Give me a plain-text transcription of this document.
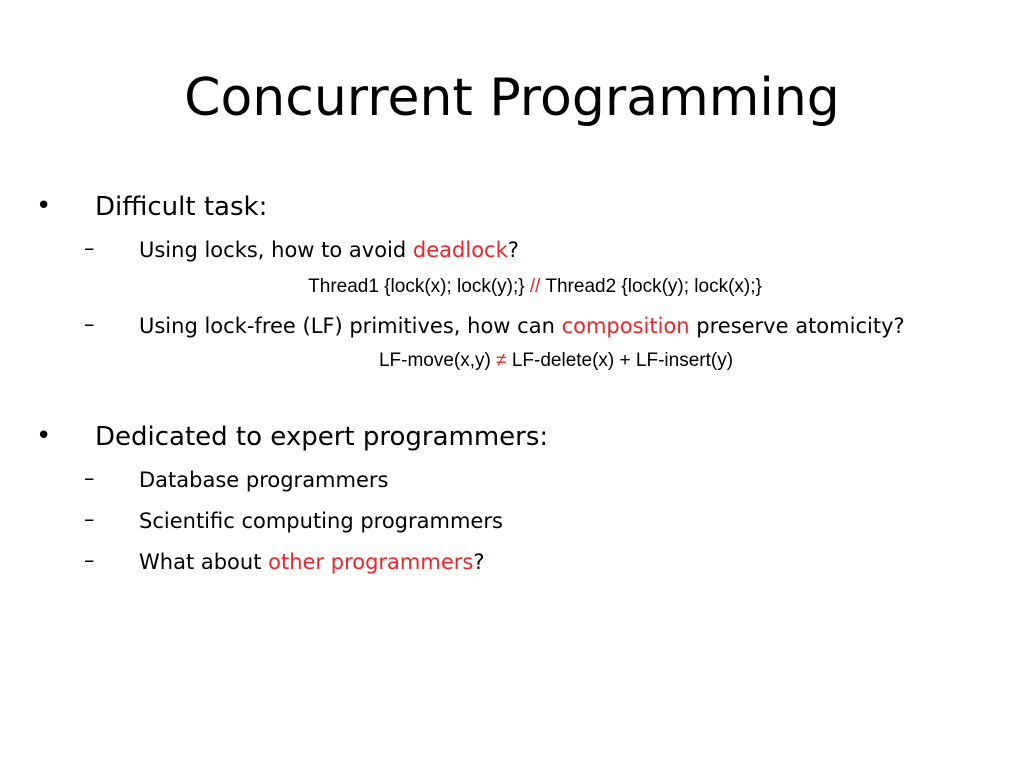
Concurrent Programming
• Difficult task:
– Using locks, how to avoid deadlock?
Thread1 {lock(x); lock(y);} // Thread2 {lock(y); lock(x);}
– Using lock-free (LF) primitives, how can composition preserve atomicity?
LF-move(x,y) ≠ LF-delete(x) + LF-insert(y)
• Dedicated to expert programmers:
– Database programmers
– Scientific computing programmers
– What about other programmers?
